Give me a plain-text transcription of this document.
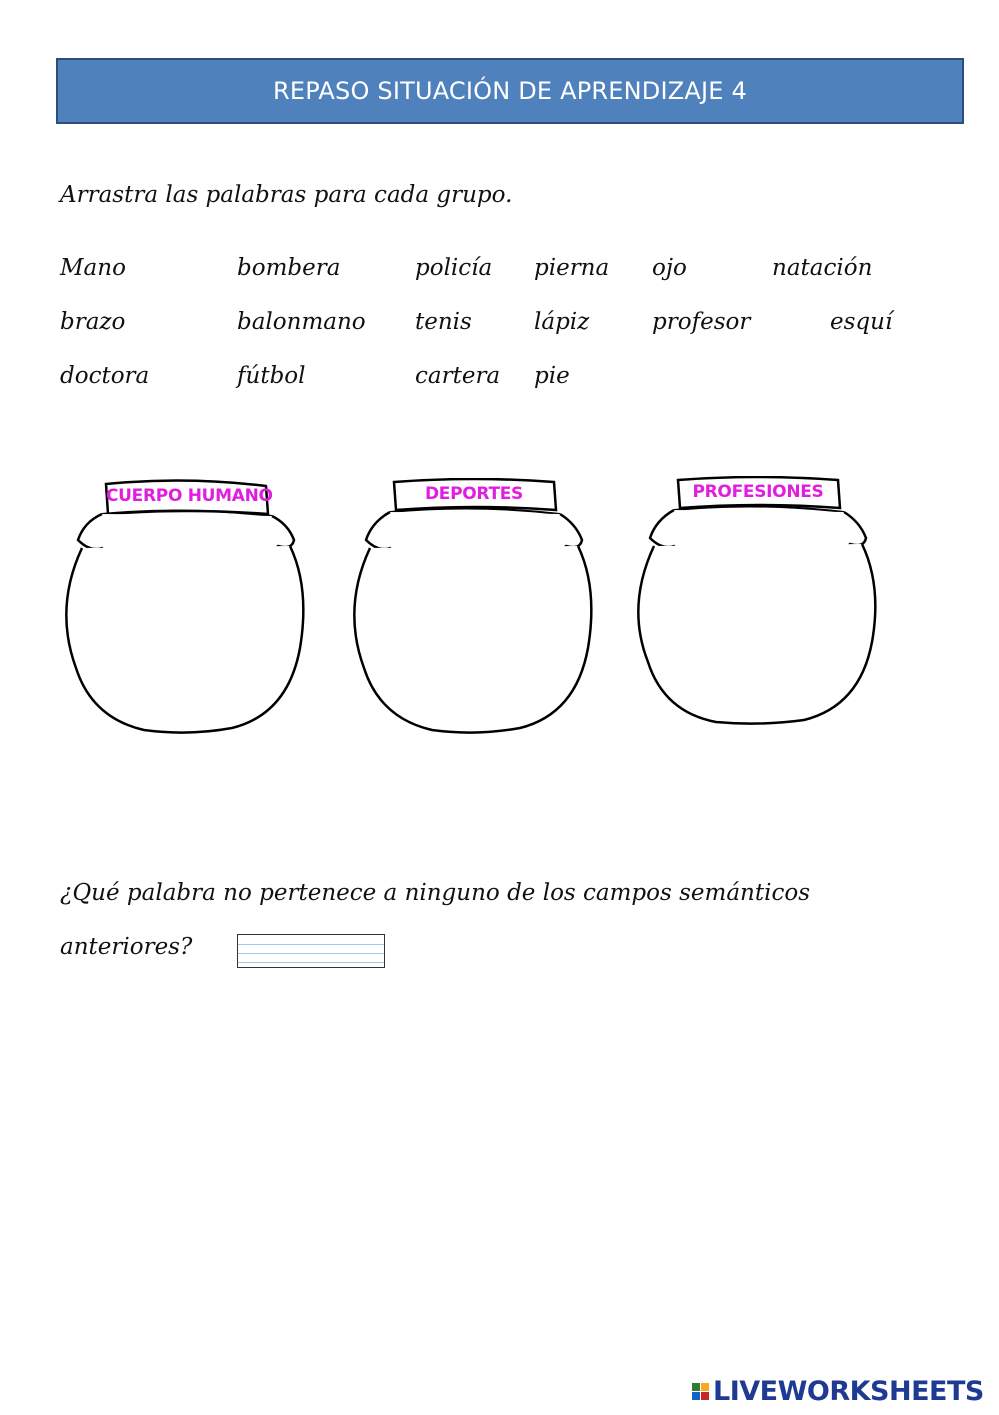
REPASO SITUACIÓN DE APRENDIZAJE 4
Arrastra las palabras para cada grupo.
Mano	bombera	policía pierna ojo	natación
brazo	balonmano tenis	lápiz	profesor	esquí
doctora	fútbol	cartera pie
CUERPO HUMANO	DEPORTES	PROFESIONES
¿Qué palabra no pertenece a ninguno de los campos semánticos
anteriores?
LIVEWORKSHEETS
